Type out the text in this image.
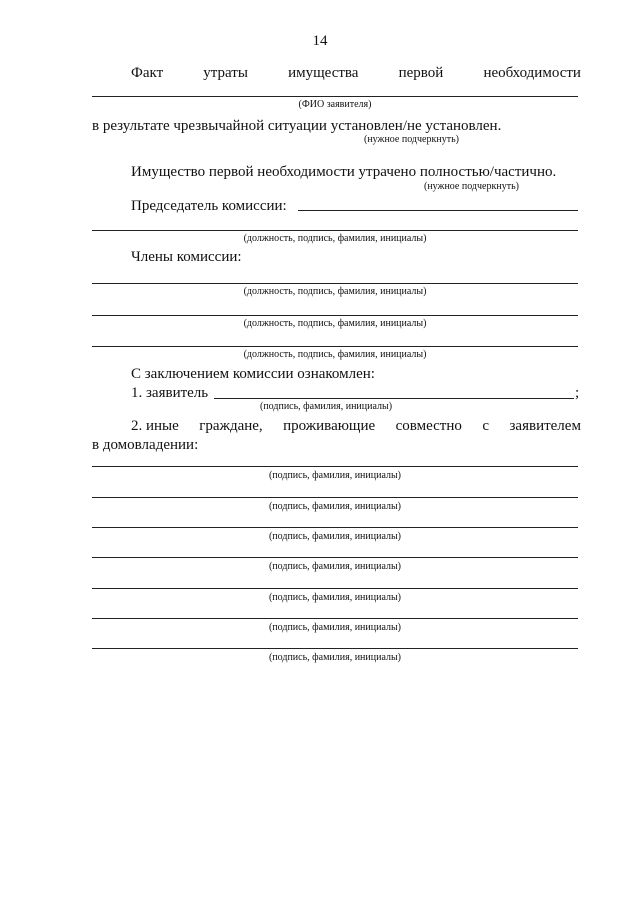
14
Факт	утраты	имущества	первой	необходимости
(ФИО заявителя)
в результате чрезвычайной ситуации установлен/не установлен.
(нужное подчеркнуть)
Имущество первой необходимости утрачено полностью/частично.
(нужное подчеркнуть)
Председатель комиссии:
(должность, подпись, фамилия, инициалы)
Члены комиссии:
(должность, подпись, фамилия, инициалы)
(должность, подпись, фамилия, инициалы)
(должность, подпись, фамилия, инициалы)
С заключением комиссии ознакомлен:
1. заявитель	;
(подпись, фамилия, инициалы)
2. иные граждане, проживающие совместно с заявителем
в домовладении:
(подпись, фамилия, инициалы)
(подпись, фамилия, инициалы)
(подпись, фамилия, инициалы)
(подпись, фамилия, инициалы)
(подпись, фамилия, инициалы)
(подпись, фамилия, инициалы)
(подпись, фамилия, инициалы)
